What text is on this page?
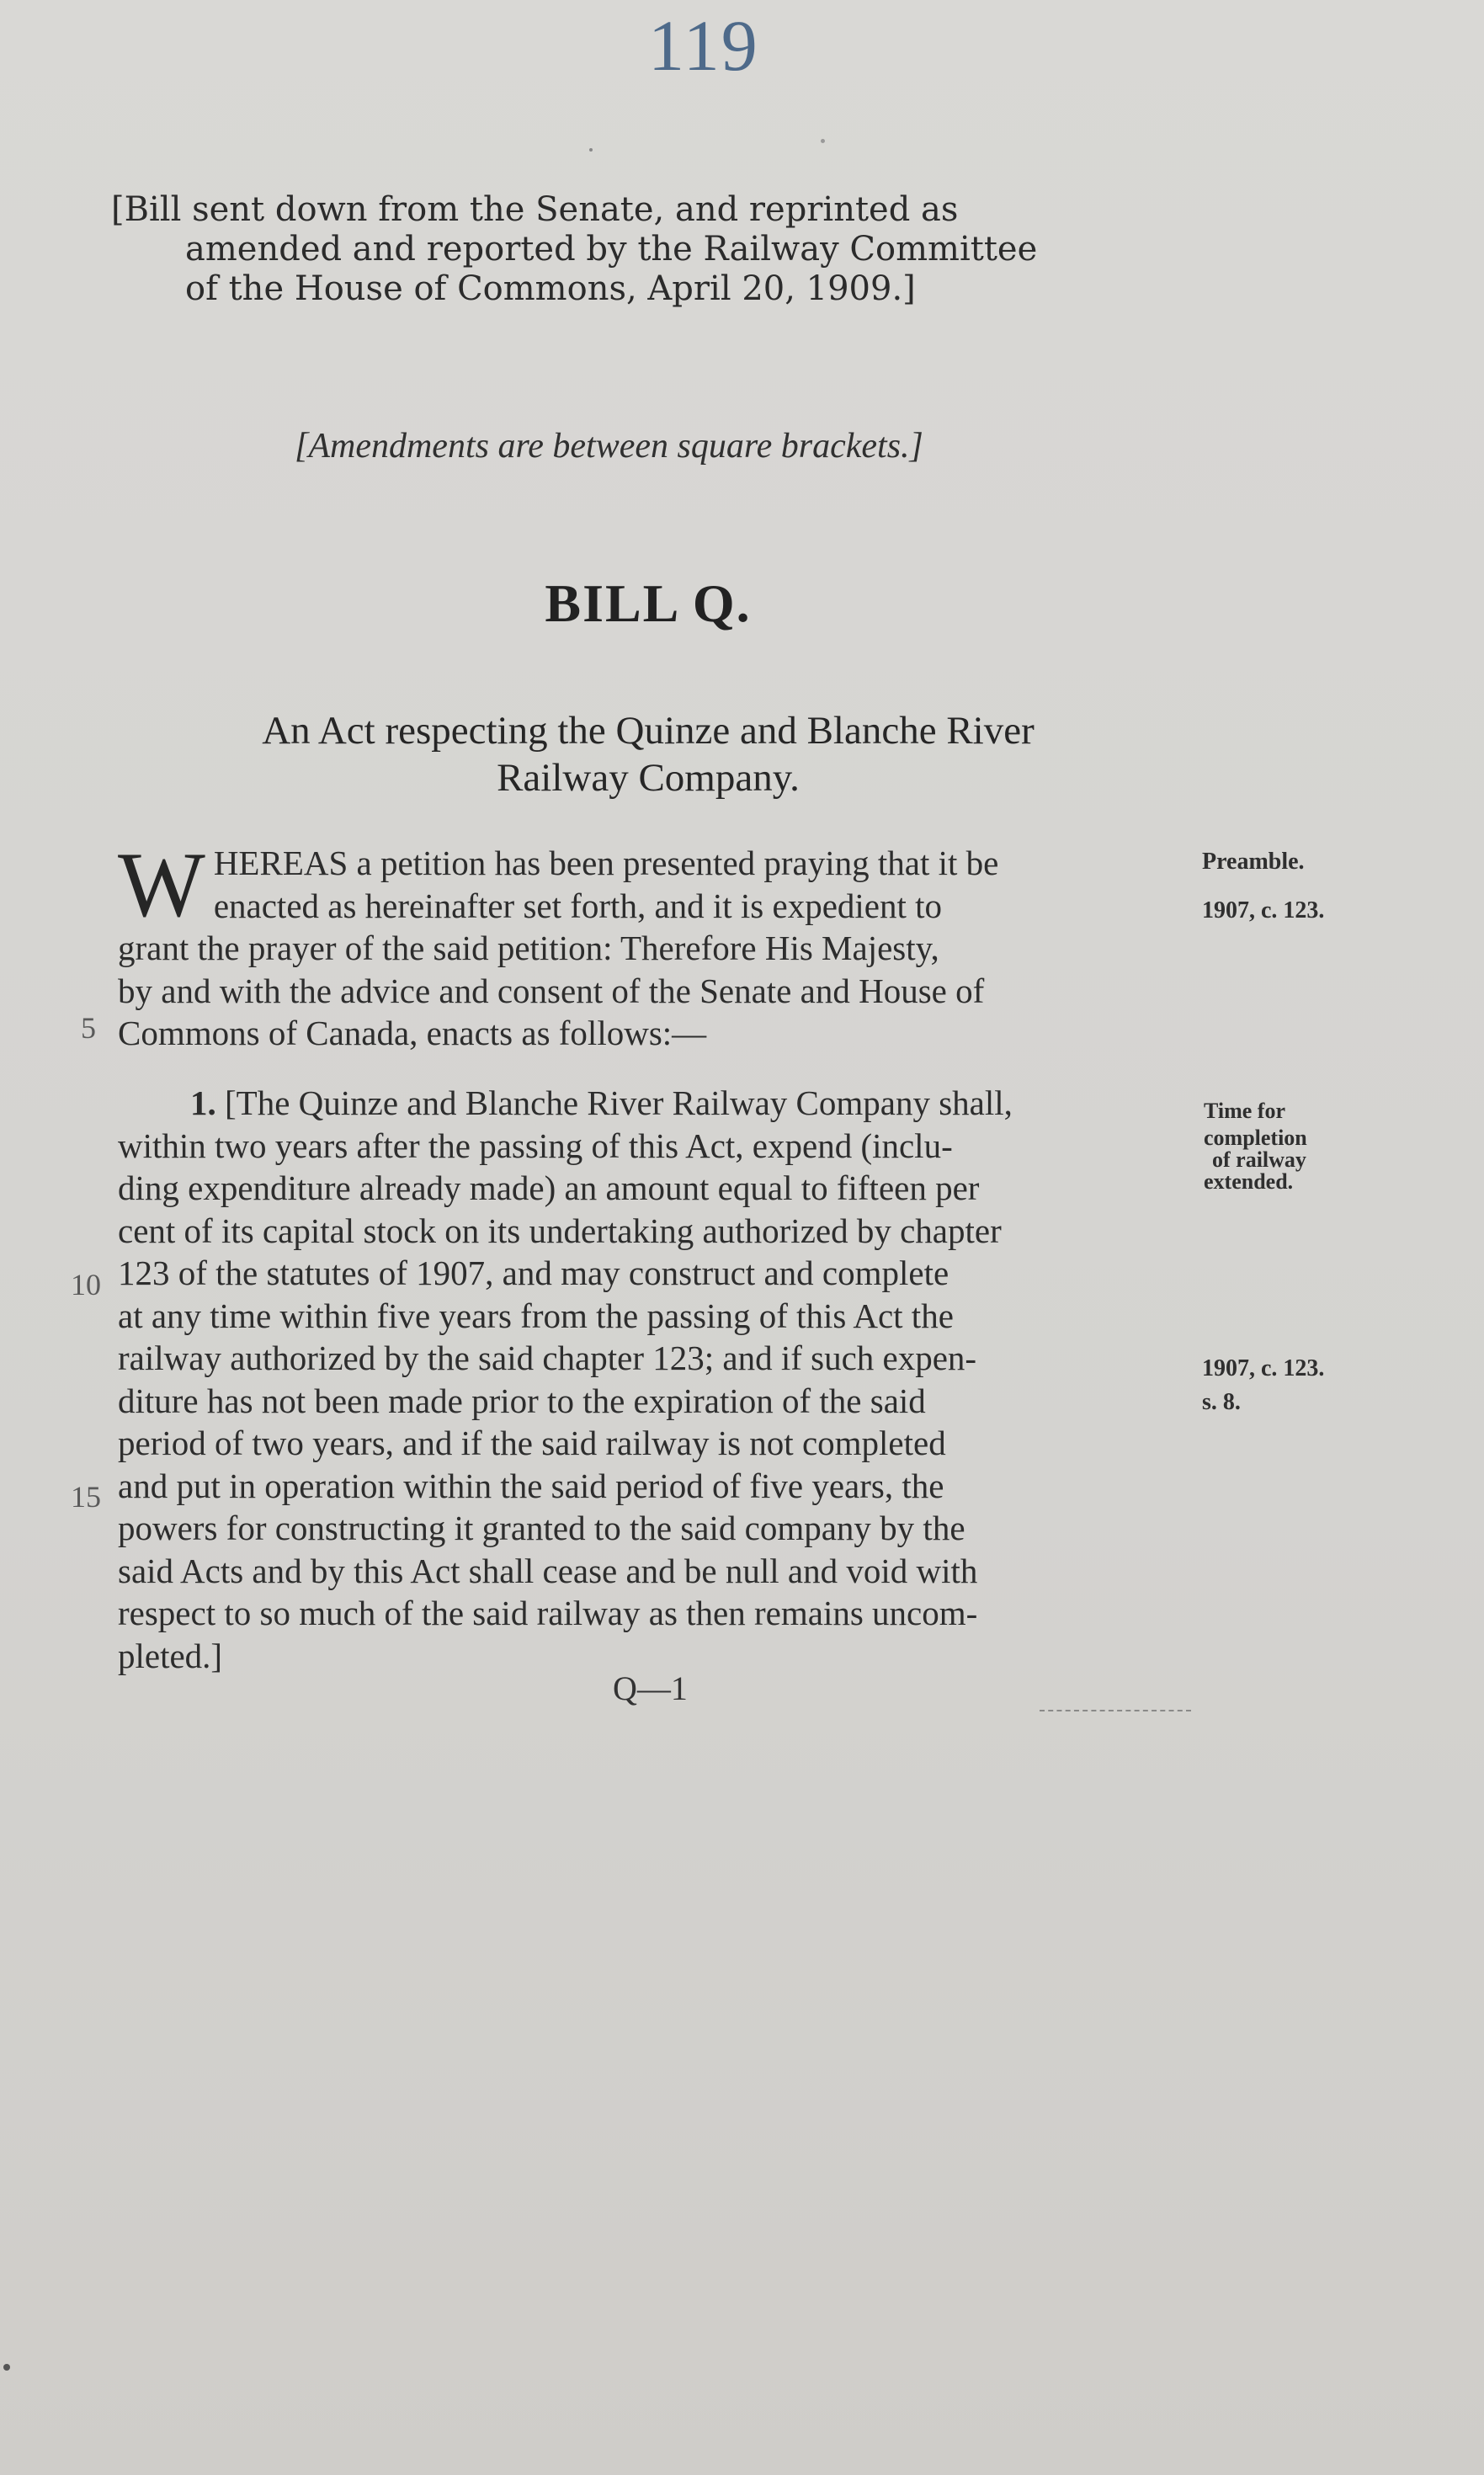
119
[Bill sent down from the Senate, and reprinted as
amended and reported by the Railway Committee
of the House of Commons, April 20, 1909.]
[Amendments are between square brackets.]
BILL Q.
An Act respecting the Quinze and Blanche River
Railway Company.
W HEREAS a petition has been presented praying that it be
enacted as hereinafter set forth, and it is expedient to
grant the prayer of the said petition: Therefore His Majesty,
by and with the advice and consent of the Senate and House of
Commons of Canada, enacts as follows:—
1. [The Quinze and Blanche River Railway Company shall,
within two years after the passing of this Act, expend (inclu-
ding expenditure already made) an amount equal to fifteen per
cent of its capital stock on its undertaking authorized by chapter
123 of the statutes of 1907, and may construct and complete
at any time within five years from the passing of this Act the
railway authorized by the said chapter 123; and if such expen-
diture has not been made prior to the expiration of the said
period of two years, and if the said railway is not completed
and put in operation within the said period of five years, the
powers for constructing it granted to the said company by the
said Acts and by this Act shall cease and be null and void with
respect to so much of the said railway as then remains uncom-
pleted.]
Preamble.
1907, c. 123.
Time for
completion
of railway
extended.
1907, c. 123.
s. 8.
5
10
15
Q—1
